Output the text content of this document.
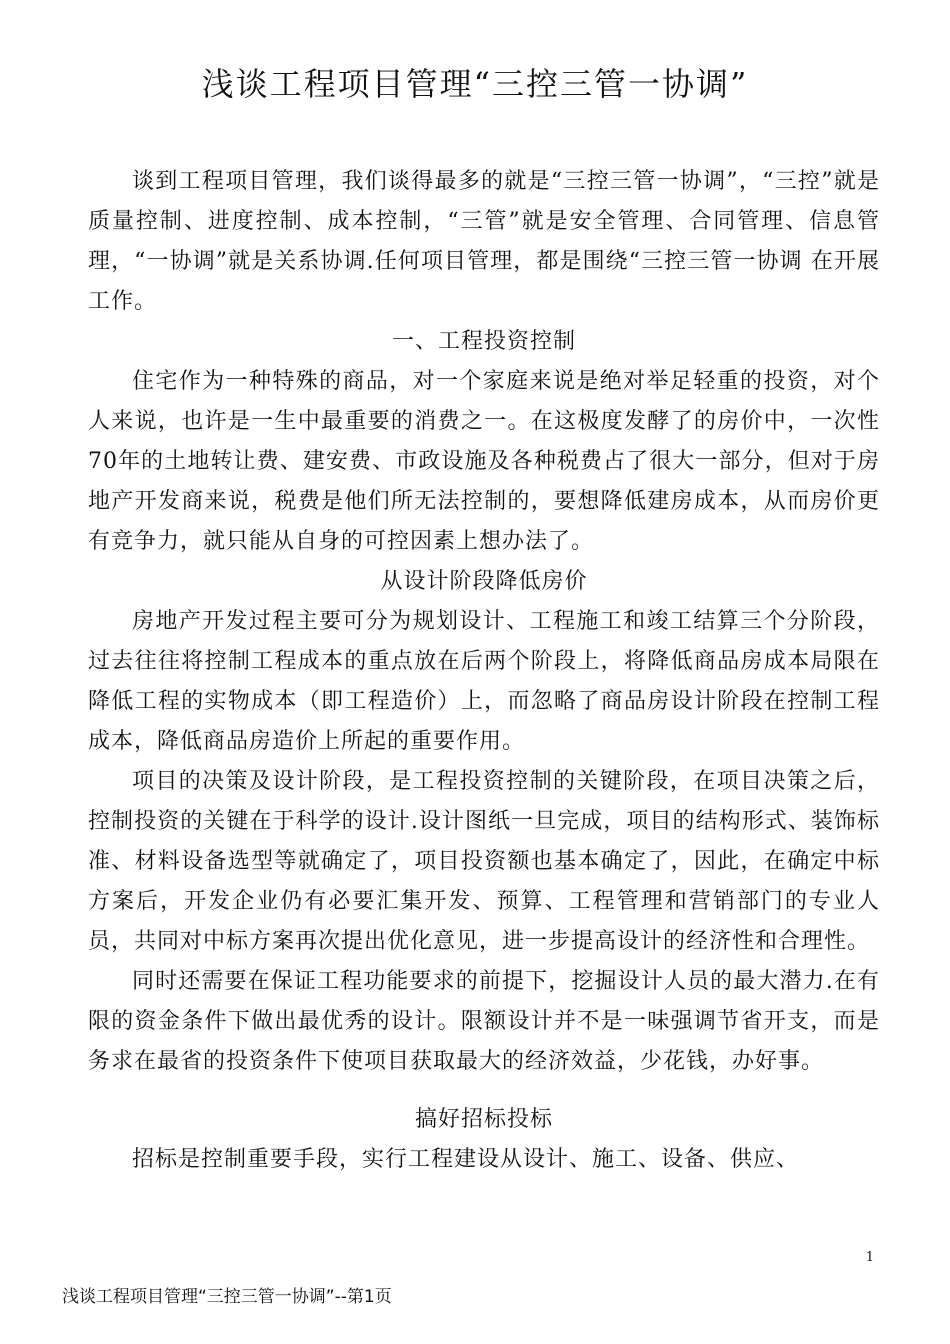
浅谈工程项目管理“三控三管一协调”

谈到工程项目管理，我们谈得最多的就是“三控三管一协调”，“三控”就是质量控制、进度控制、成本控制，“三管”就是安全管理、合同管理、信息管理，“一协调”就是关系协调.任何项目管理，都是围绕“三控三管一协调 在开展工作。

一、工程投资控制

住宅作为一种特殊的商品，对一个家庭来说是绝对举足轻重的投资，对个人来说，也许是一生中最重要的消费之一。在这极度发酵了的房价中，一次性70年的土地转让费、建安费、市政设施及各种税费占了很大一部分，但对于房地产开发商来说，税费是他们所无法控制的，要想降低建房成本，从而房价更有竞争力，就只能从自身的可控因素上想办法了。

从设计阶段降低房价

房地产开发过程主要可分为规划设计、工程施工和竣工结算三个分阶段，过去往往将控制工程成本的重点放在后两个阶段上，将降低商品房成本局限在降低工程的实物成本（即工程造价）上，而忽略了商品房设计阶段在控制工程成本，降低商品房造价上所起的重要作用。

项目的决策及设计阶段，是工程投资控制的关键阶段，在项目决策之后，控制投资的关键在于科学的设计.设计图纸一旦完成，项目的结构形式、装饰标准、材料设备选型等就确定了，项目投资额也基本确定了，因此，在确定中标方案后，开发企业仍有必要汇集开发、预算、工程管理和营销部门的专业人员，共同对中标方案再次提出优化意见，进一步提高设计的经济性和合理性。

同时还需要在保证工程功能要求的前提下，挖掘设计人员的最大潜力.在有限的资金条件下做出最优秀的设计。限额设计并不是一味强调节省开支，而是务求在最省的投资条件下使项目获取最大的经济效益，少花钱，办好事。

搞好招标投标

招标是控制重要手段，实行工程建设从设计、施工、设备、供应、

1
浅谈工程项目管理“三控三管一协调”--第1页
